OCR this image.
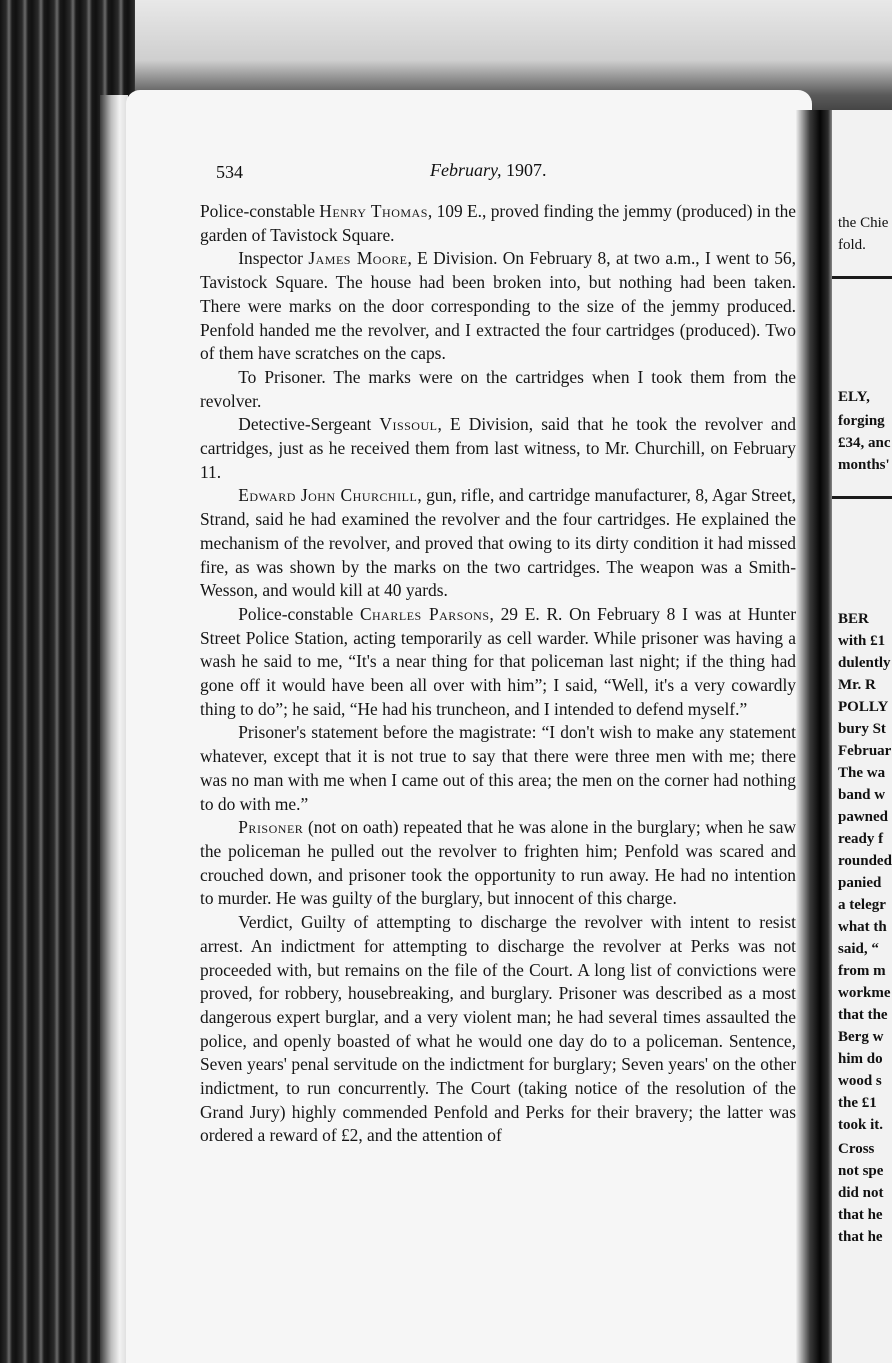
534	February, 1907.

Police-constable Henry Thomas, 109 E., proved finding the jemmy (produced) in the garden of Tavistock Square.

Inspector James Moore, E Division. On February 8, at two a.m., I went to 56, Tavistock Square. The house had been broken into, but nothing had been taken. There were marks on the door corresponding to the size of the jemmy produced. Penfold handed me the revolver, and I extracted the four cartridges (produced). Two of them have scratches on the caps.

To Prisoner. The marks were on the cartridges when I took them from the revolver.

Detective-Sergeant Vissoul, E Division, said that he took the revolver and cartridges, just as he received them from last witness, to Mr. Churchill, on February 11.

Edward John Churchill, gun, rifle, and cartridge manufacturer, 8, Agar Street, Strand, said he had examined the revolver and the four cartridges. He explained the mechanism of the revolver, and proved that owing to its dirty condition it had missed fire, as was shown by the marks on the two cartridges. The weapon was a Smith-Wesson, and would kill at 40 yards.

Police-constable Charles Parsons, 29 E. R. On February 8 I was at Hunter Street Police Station, acting temporarily as cell warder. While prisoner was having a wash he said to me, “It's a near thing for that policeman last night; if the thing had gone off it would have been all over with him”; I said, “Well, it's a very cowardly thing to do”; he said, “He had his truncheon, and I intended to defend myself.”

Prisoner's statement before the magistrate: “I don't wish to make any statement whatever, except that it is not true to say that there were three men with me; there was no man with me when I came out of this area; the men on the corner had nothing to do with me.”

Prisoner (not on oath) repeated that he was alone in the burglary; when he saw the policeman he pulled out the revolver to frighten him; Penfold was scared and crouched down, and prisoner took the opportunity to run away. He had no intention to murder. He was guilty of the burglary, but innocent of this charge.

Verdict, Guilty of attempting to discharge the revolver with intent to resist arrest. An indictment for attempting to discharge the revolver at Perks was not proceeded with, but remains on the file of the Court. A long list of convictions were proved, for robbery, housebreaking, and burglary. Prisoner was described as a most dangerous expert burglar, and a very violent man; he had several times assaulted the police, and openly boasted of what he would one day do to a policeman. Sentence, Seven years' penal servitude on the indictment for burglary; Seven years' on the other indictment, to run concurrently. The Court (taking notice of the resolution of the Grand Jury) highly commended Penfold and Perks for their bravery; the latter was ordered a reward of £2, and the attention of

the Chie
fold.
ELY,
forging
£34, anc
months'
BER
with £1
dulently
Mr. R
POLLY
bury St
Februar
The wa
band w
pawned
ready f
rounded
panied
a telegr
what th
said, “
from m
workme
that the
Berg w
him do
wood s
the £1
took it.
Cross
not spe
did not
that he
that he
